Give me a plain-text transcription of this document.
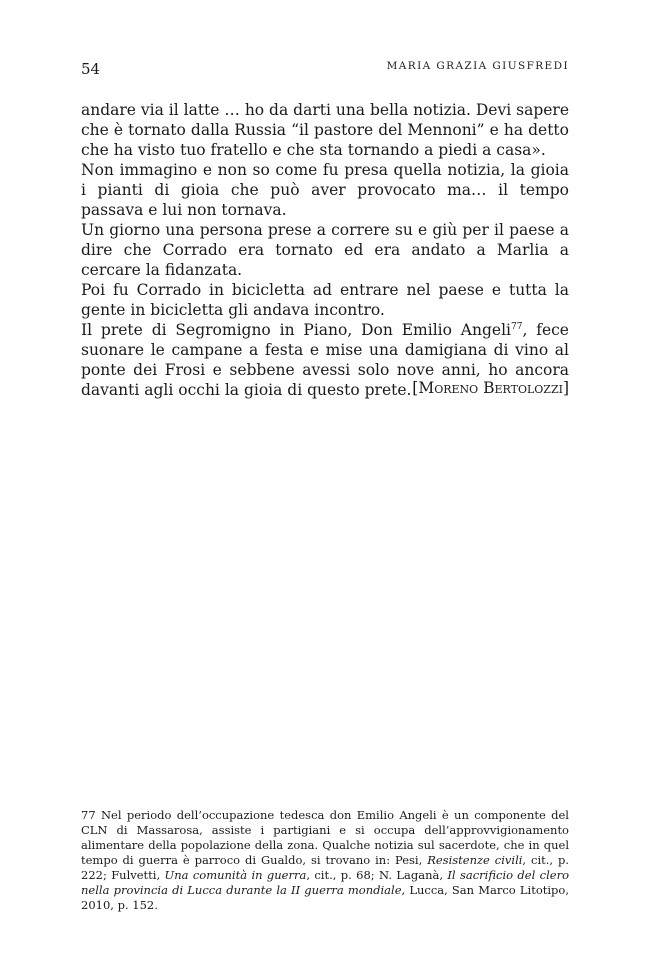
54	MARIA GRAZIA GIUSFREDI

andare via il latte … ho da darti una bella notizia. Devi sapere che è tornato dalla Russia “il pastore del Mennoni” e ha detto che ha visto tuo fratello e che sta tornando a piedi a casa».

Non immagino e non so come fu presa quella notizia, la gioia i pianti di gioia che può aver provocato ma… il tempo passava e lui non tornava.

Un giorno una persona prese a correre su e giù per il paese a dire che Corrado era tornato ed era andato a Marlia a cercare la fidanzata.

Poi fu Corrado in bicicletta ad entrare nel paese e tutta la gente in bicicletta gli andava incontro.

Il prete di Segromigno in Piano, Don Emilio Angeli$^{77}$, fece suonare le campane a festa e mise una damigiana di vino al ponte dei Frosi e sebbene avessi solo nove anni, ho ancora davanti agli occhi la gioia di questo prete. [Moreno Bertolozzi]
77 Nel periodo dell’occupazione tedesca don Emilio Angeli è un componente del CLN di Massarosa, assiste i partigiani e si occupa dell’approvvigionamento alimentare della popolazione della zona. Qualche notizia sul sacerdote, che in quel tempo di guerra è parroco di Gualdo, si trovano in: Pesi, Resistenze civili, cit., p. 222; Fulvetti, Una comunità in guerra, cit., p. 68; N. Laganà, Il sacrificio del clero nella provincia di Lucca durante la II guerra mondiale, Lucca, San Marco Litotipo, 2010, p. 152.
